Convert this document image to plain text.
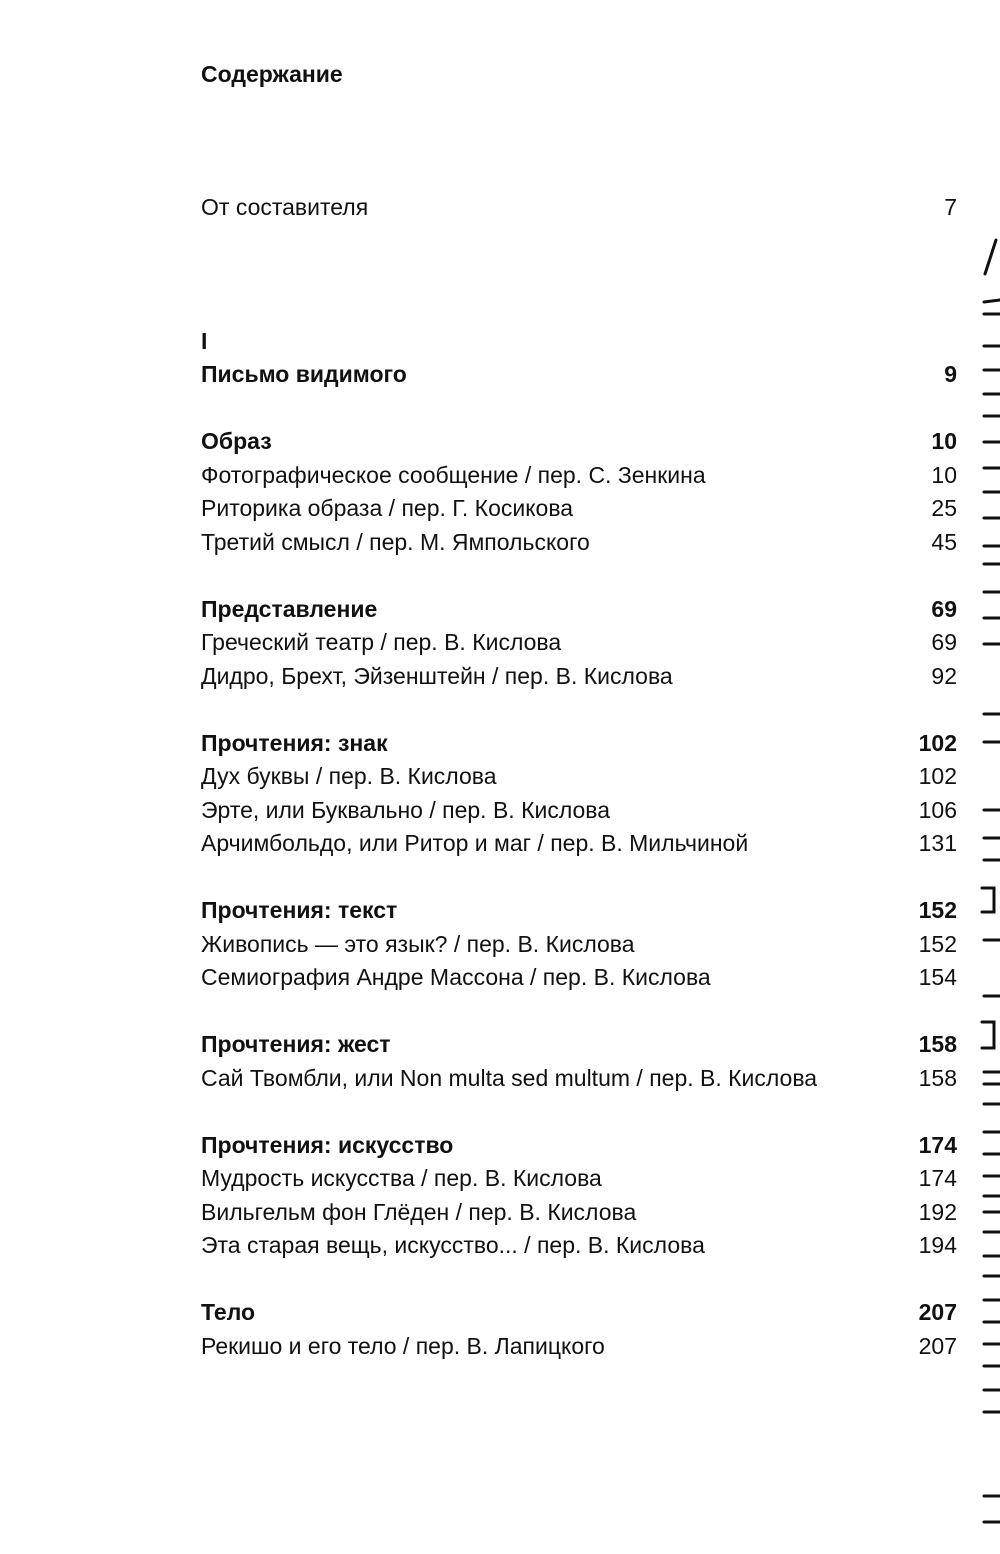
Содержание
От составителя	7
I
Письмо видимого	9
Образ	10
Фотографическое сообщение / пер. С. Зенкина	10
Риторика образа / пер. Г. Косикова	25
Третий смысл / пер. М. Ямпольского	45
Представление	69
Греческий театр / пер. В. Кислова	69
Дидро, Брехт, Эйзенштейн / пер. В. Кислова	92
Прочтения: знак	102
Дух буквы / пер. В. Кислова	102
Эрте, или Буквально / пер. В. Кислова	106
Арчимбольдо, или Ритор и маг / пер. В. Мильчиной	131
Прочтения: текст	152
Живопись — это язык? / пер. В. Кислова	152
Семиография Андре Массона / пер. В. Кислова	154
Прочтения: жест	158
Сай Твомбли, или Non multa sed multum / пер. В. Кислова	158
Прочтения: искусство	174
Мудрость искусства / пер. В. Кислова	174
Вильгельм фон Глёден / пер. В. Кислова	192
Эта старая вещь, искусство... / пер. В. Кислова	194
Тело	207
Рекишо и его тело / пер. В. Лапицкого	207
